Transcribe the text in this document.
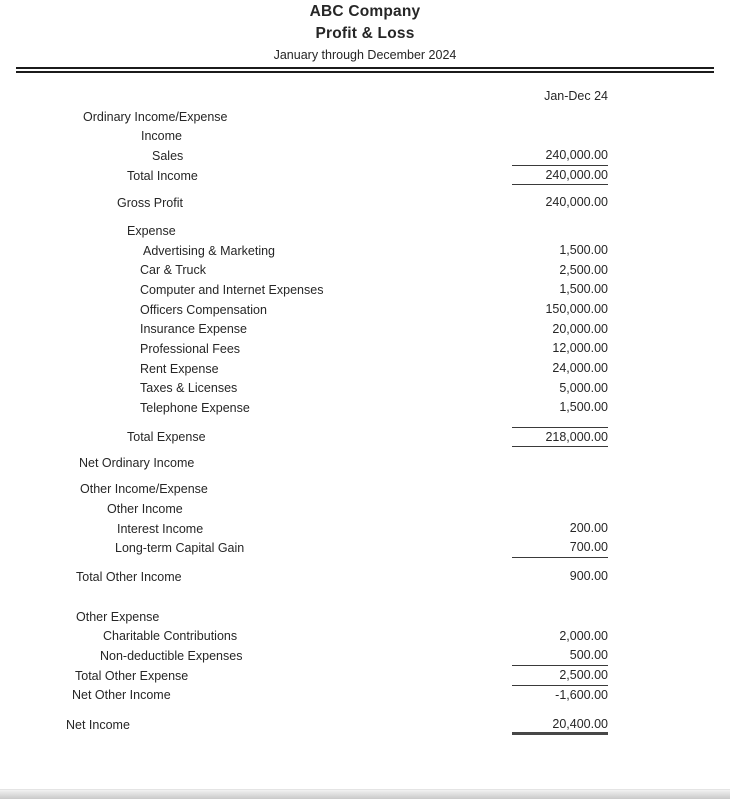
ABC Company
Profit & Loss
January through December 2024
Jan-Dec 24
Ordinary Income/Expense
Income
Sales	240,000.00
Total Income	240,000.00
Gross Profit	240,000.00
Expense
Advertising & Marketing	1,500.00
Car & Truck	2,500.00
Computer and Internet Expenses	1,500.00
Officers Compensation	150,000.00
Insurance Expense	20,000.00
Professional Fees	12,000.00
Rent Expense	24,000.00
Taxes & Licenses	5,000.00
Telephone Expense	1,500.00
Total Expense	218,000.00
Net Ordinary Income
Other Income/Expense
Other Income
Interest Income	200.00
Long-term Capital Gain	700.00
Total Other Income	900.00
Other Expense
Charitable Contributions	2,000.00
Non-deductible Expenses	500.00
Total Other Expense	2,500.00
Net Other Income	-1,600.00
Net Income	20,400.00
